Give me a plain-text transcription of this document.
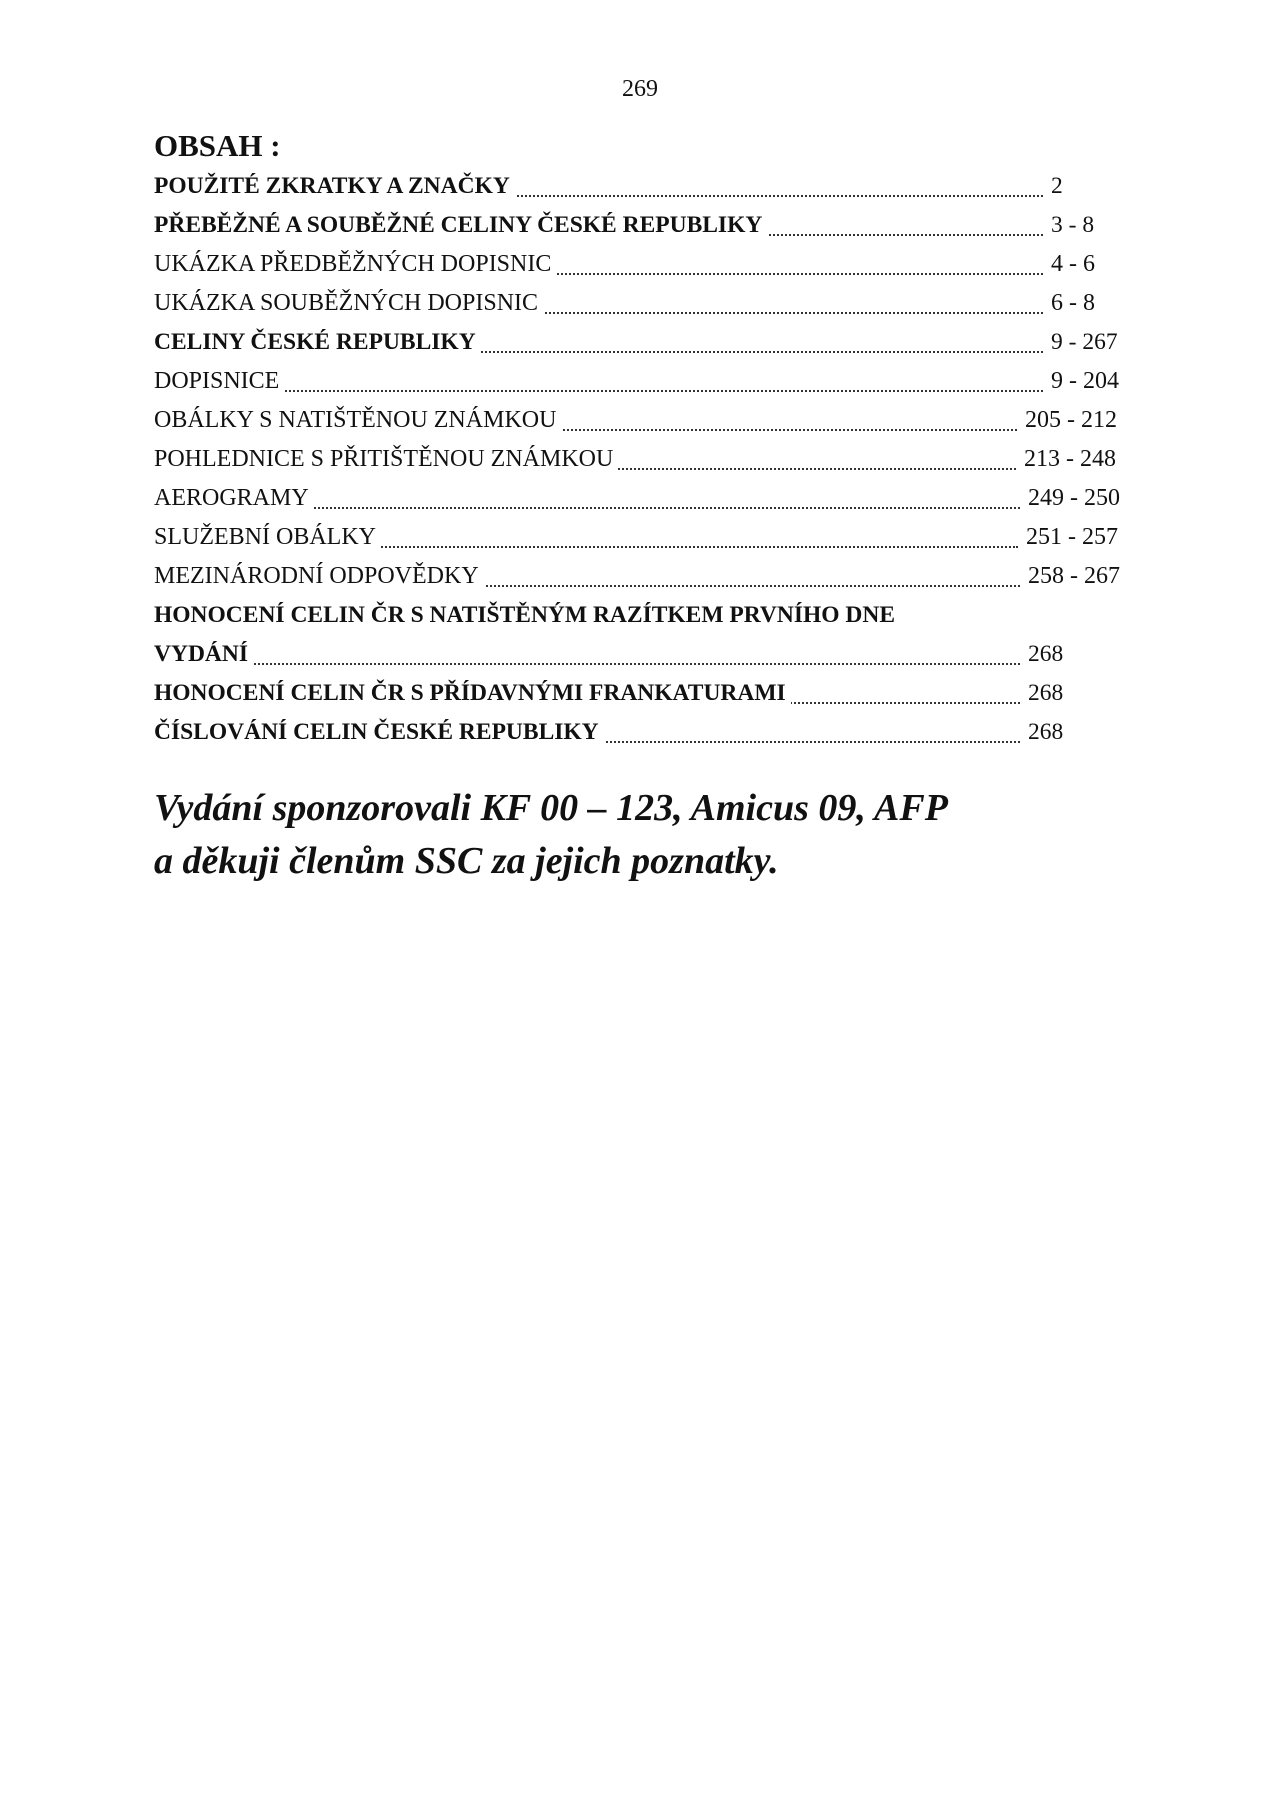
269
OBSAH :
POUŽITÉ ZKRATKY A ZNAČKY	2
PŘEBĚŽNÉ A SOUBĚŽNÉ CELINY ČESKÉ REPUBLIKY	3 - 8
UKÁZKA PŘEDBĚŽNÝCH DOPISNIC	4 - 6
UKÁZKA SOUBĚŽNÝCH DOPISNIC	6 - 8
CELINY ČESKÉ REPUBLIKY	9 - 267
DOPISNICE	9 - 204
OBÁLKY S NATIŠTĚNOU ZNÁMKOU	205 - 212
POHLEDNICE S PŘITIŠTĚNOU ZNÁMKOU	213 - 248
AEROGRAMY	249 - 250
SLUŽEBNÍ OBÁLKY	251 - 257
MEZINÁRODNÍ ODPOVĚDKY	258 - 267
HONOCENÍ CELIN ČR S NATIŠTĚNÝM RAZÍTKEM PRVNÍHO DNE
VYDÁNÍ	268
HONOCENÍ CELIN ČR S PŘÍDAVNÝMI FRANKATURAMI	268
ČÍSLOVÁNÍ CELIN ČESKÉ REPUBLIKY	268
Vydání sponzorovali KF 00 – 123, Amicus 09, AFP
a děkuji členům SSC za jejich poznatky.
